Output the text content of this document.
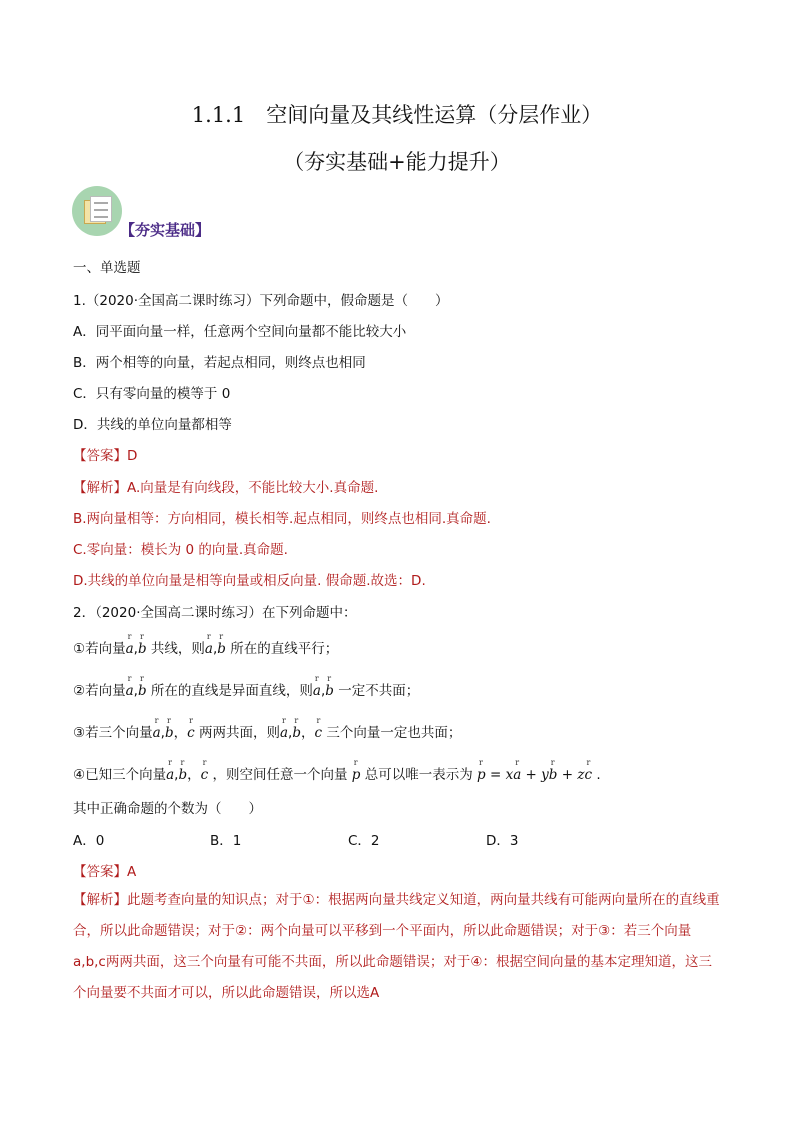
1.1.1　空间向量及其线性运算（分层作业）
（夯实基础+能力提升）
【夯实基础】
一、单选题
1.（2020·全国高二课时练习）下列命题中，假命题是（　　）
A．同平面向量一样，任意两个空间向量都不能比较大小
B．两个相等的向量，若起点相同，则终点也相同
C．只有零向量的模等于 0
D．共线的单位向量都相等
【答案】D
【解析】A.向量是有向线段，不能比较大小.真命题.
B.两向量相等：方向相同，模长相等.起点相同，则终点也相同.真命题.
C.零向量：模长为 0 的向量.真命题.
D.共线的单位向量是相等向量或相反向量. 假命题.故选：D.
2．（2020·全国高二课时练习）在下列命题中：
①若向量r a,r b 共线，则r a,r b 所在的直线平行；
②若向量r a,r b 所在的直线是异面直线，则r a,r b 一定不共面；
③若三个向量r a,r b，r c 两两共面，则r a,r b，r c 三个向量一定也共面；
④已知三个向量r a,r b，r c ，则空间任意一个向量 r p 总可以唯一表示为 r p = xr a + yr b + zr c .
其中正确命题的个数为（　　）
A．0	B．1	C．2	D．3
【答案】A
【解析】此题考查向量的知识点；对于①：根据两向量共线定义知道，两向量共线有可能两向量所在的直线重合，所以此命题错误；对于②：两个向量可以平移到一个平面内，所以此命题错误；对于③：若三个向量a,b,c两两共面，这三个向量有可能不共面，所以此命题错误；对于④：根据空间向量的基本定理知道，这三个向量要不共面才可以，所以此命题错误，所以选A
